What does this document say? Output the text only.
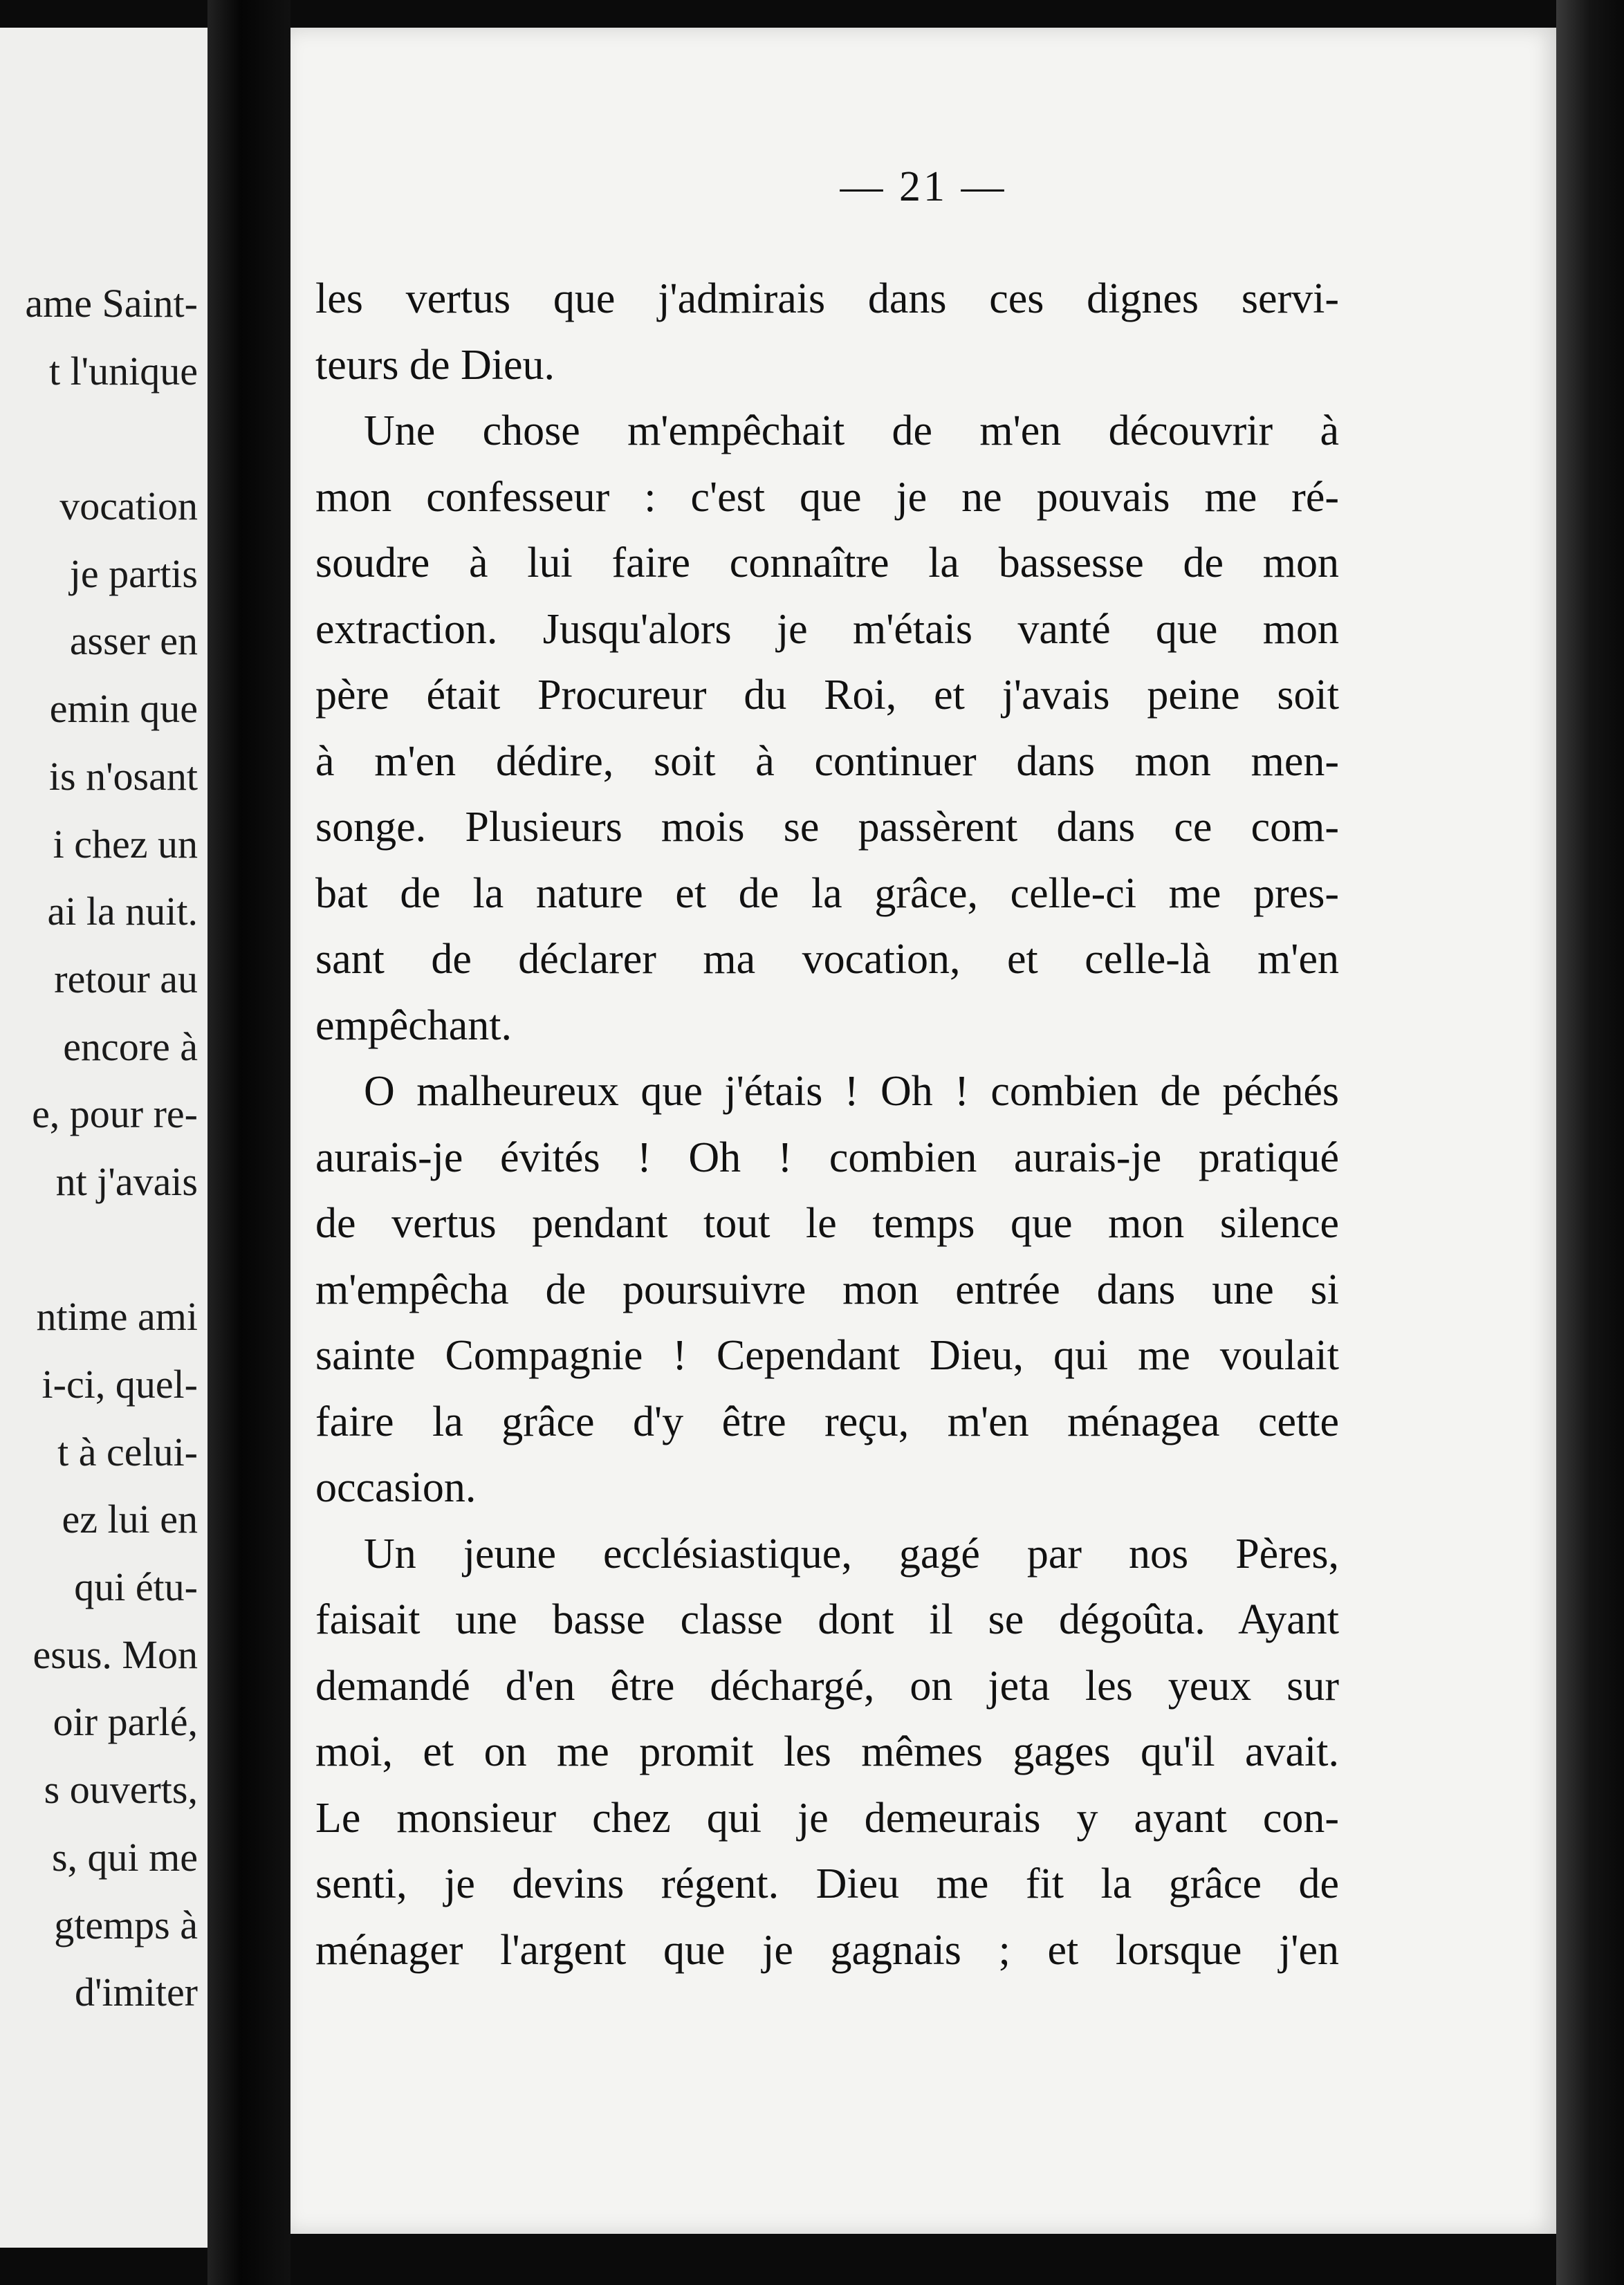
ame Saint-
t l'unique
vocation
je partis
asser en
emin que
is n'osant
i chez un
ai la nuit.
retour au
encore à
e, pour re-
nt j'avais
ntime ami
i-ci, quel-
t à celui-
ez lui en
qui étu-
esus. Mon
oir parlé,
s ouverts,
s, qui me
gtemps à
d'imiter
— 21 —
les vertus que j'admirais dans ces dignes servi-
teurs de Dieu.
Une chose m'empêchait de m'en découvrir à
mon confesseur : c'est que je ne pouvais me ré-
soudre à lui faire connaître la bassesse de mon
extraction. Jusqu'alors je m'étais vanté que mon
père était Procureur du Roi, et j'avais peine soit
à m'en dédire, soit à continuer dans mon men-
songe. Plusieurs mois se passèrent dans ce com-
bat de la nature et de la grâce, celle-ci me pres-
sant de déclarer ma vocation, et celle-là m'en
empêchant.
O malheureux que j'étais ! Oh ! combien de péchés
aurais-je évités ! Oh ! combien aurais-je pratiqué
de vertus pendant tout le temps que mon silence
m'empêcha de poursuivre mon entrée dans une si
sainte Compagnie ! Cependant Dieu, qui me voulait
faire la grâce d'y être reçu, m'en ménagea cette
occasion.
Un jeune ecclésiastique, gagé par nos Pères,
faisait une basse classe dont il se dégoûta. Ayant
demandé d'en être déchargé, on jeta les yeux sur
moi, et on me promit les mêmes gages qu'il avait.
Le monsieur chez qui je demeurais y ayant con-
senti, je devins régent. Dieu me fit la grâce de
ménager l'argent que je gagnais ; et lorsque j'en
